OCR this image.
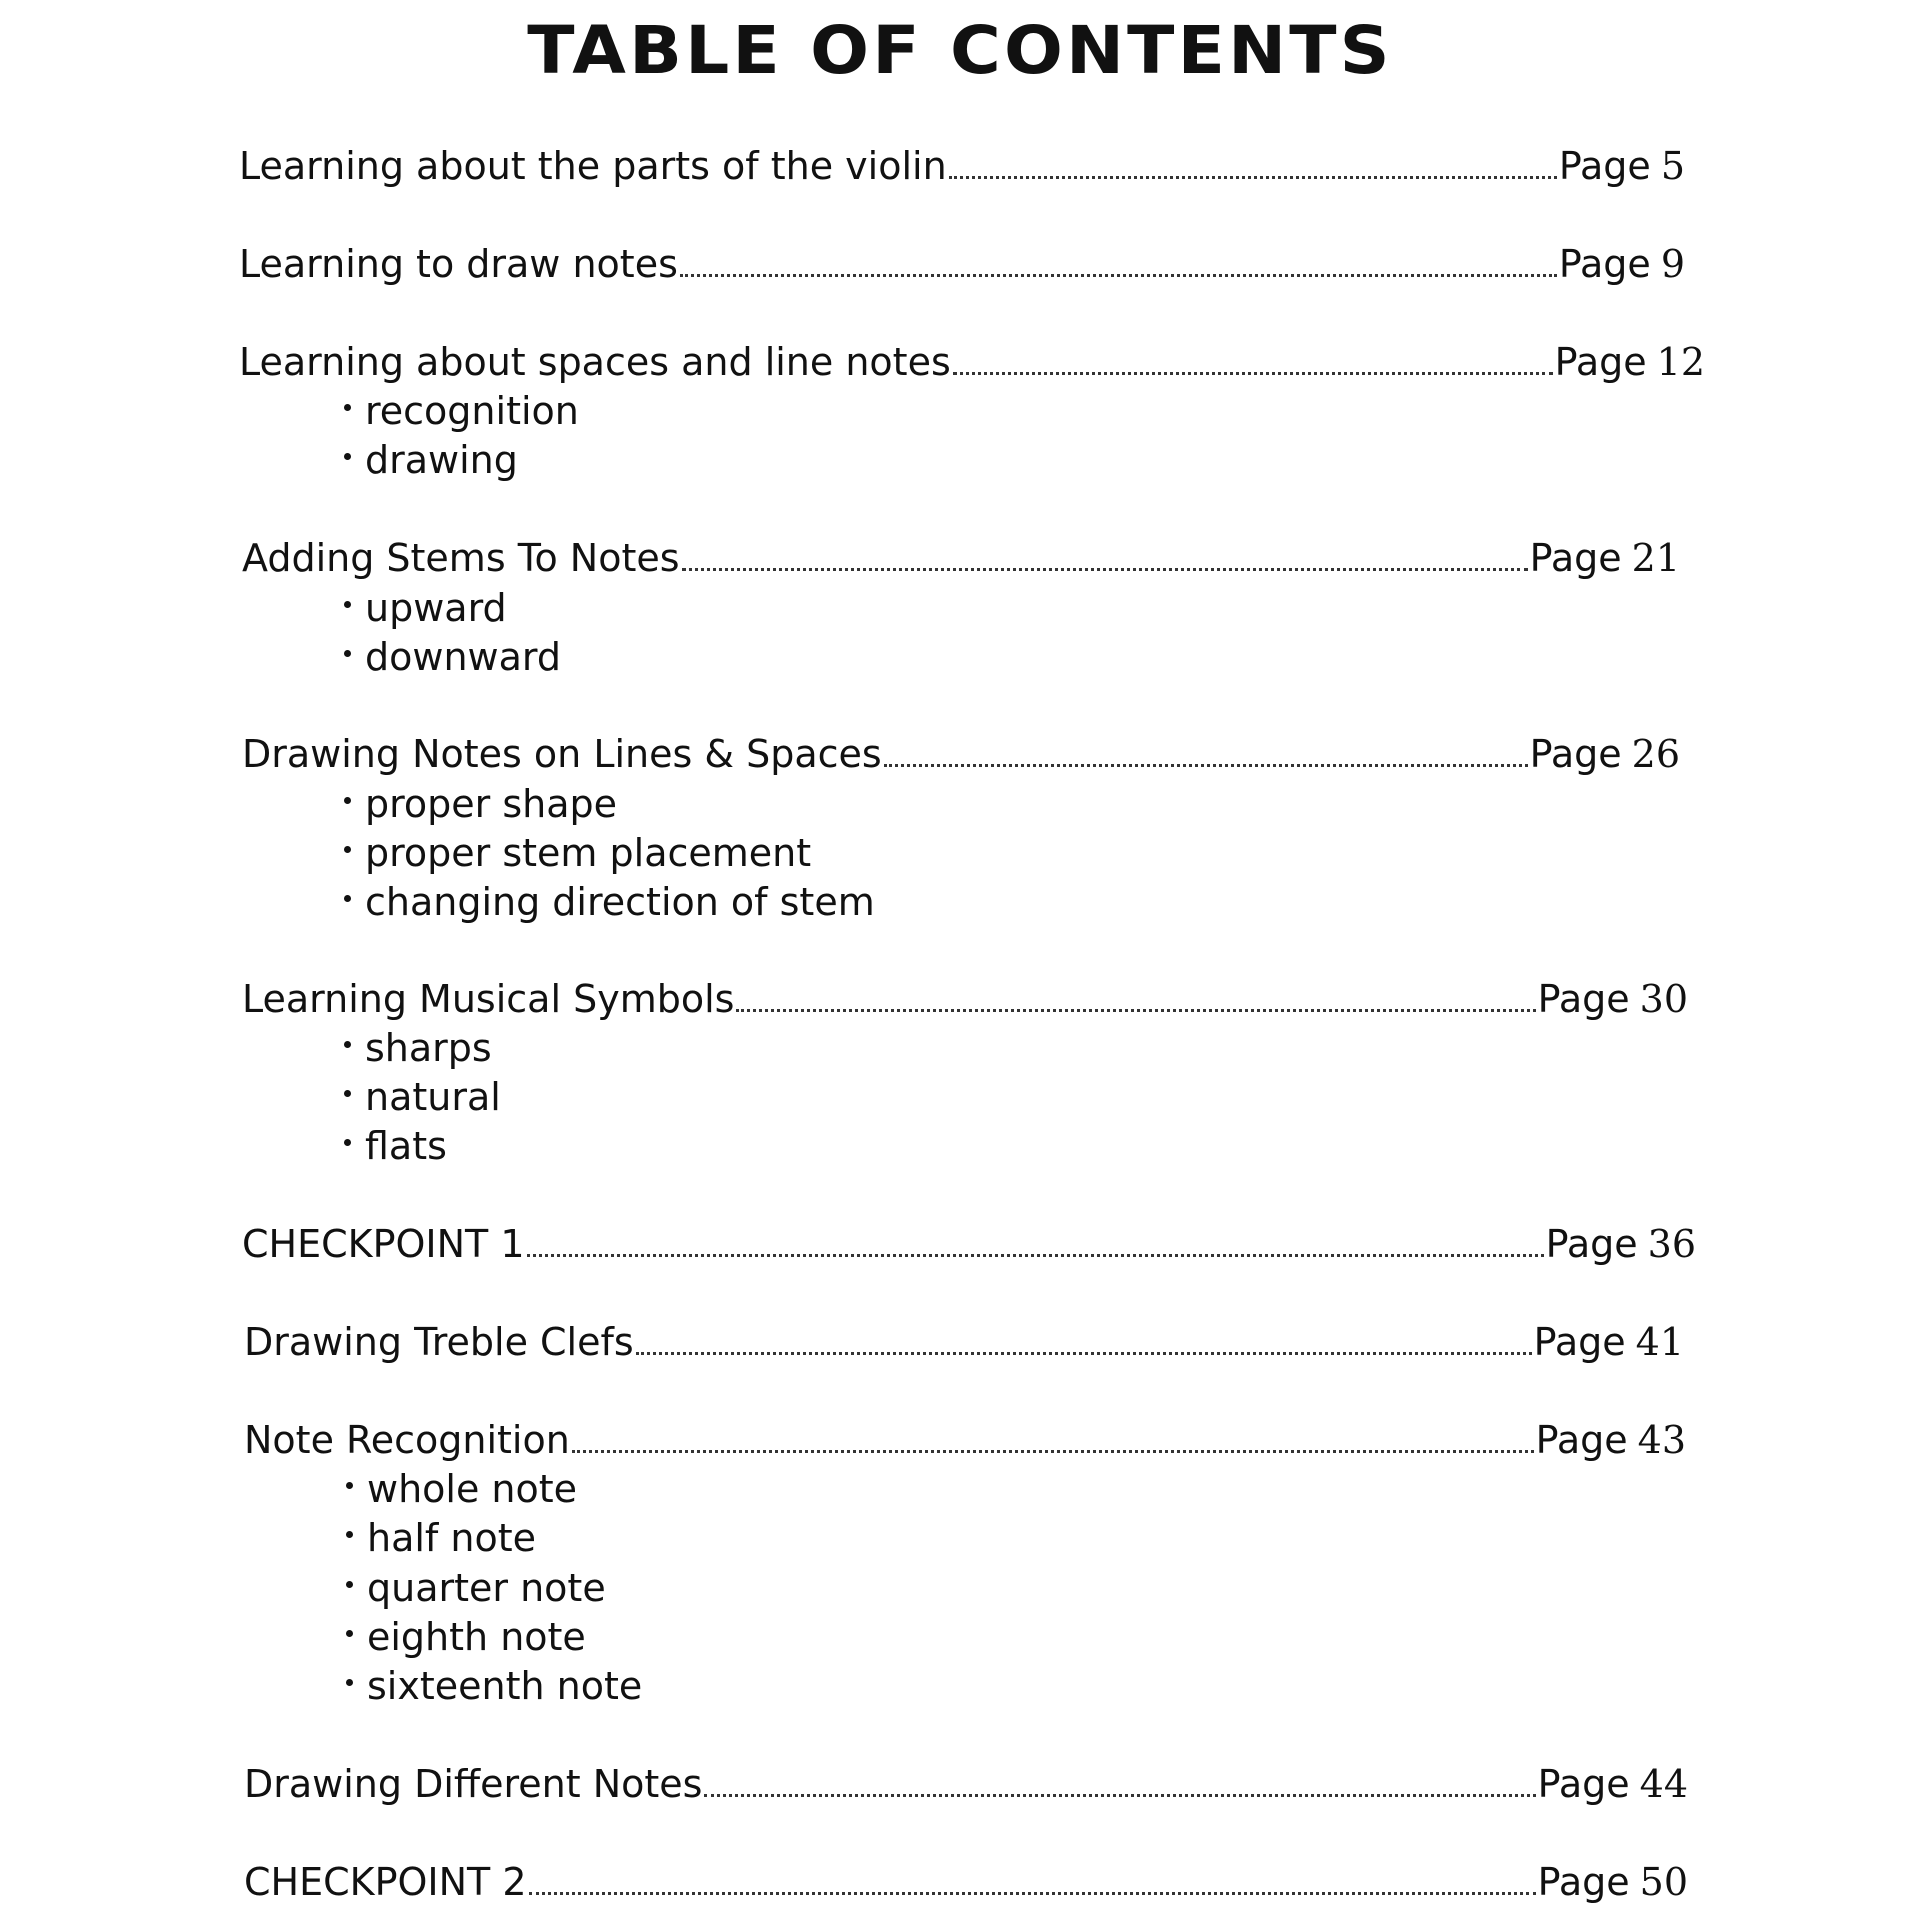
TABLE OF CONTENTS
Learning about the parts of the violin	Page 5
Learning to draw notes	Page 9
Learning about spaces and line notes	Page 12
recognition
drawing
Adding Stems To Notes	Page 21
upward
downward
Drawing Notes on Lines & Spaces	Page 26
proper shape
proper stem placement
changing direction of stem
Learning Musical Symbols	Page 30
sharps
natural
flats
CHECKPOINT 1	Page 36
Drawing Treble Clefs	Page 41
Note Recognition	Page 43
whole note
half note
quarter note
eighth note
sixteenth note
Drawing Different Notes	Page 44
CHECKPOINT 2	Page 50
